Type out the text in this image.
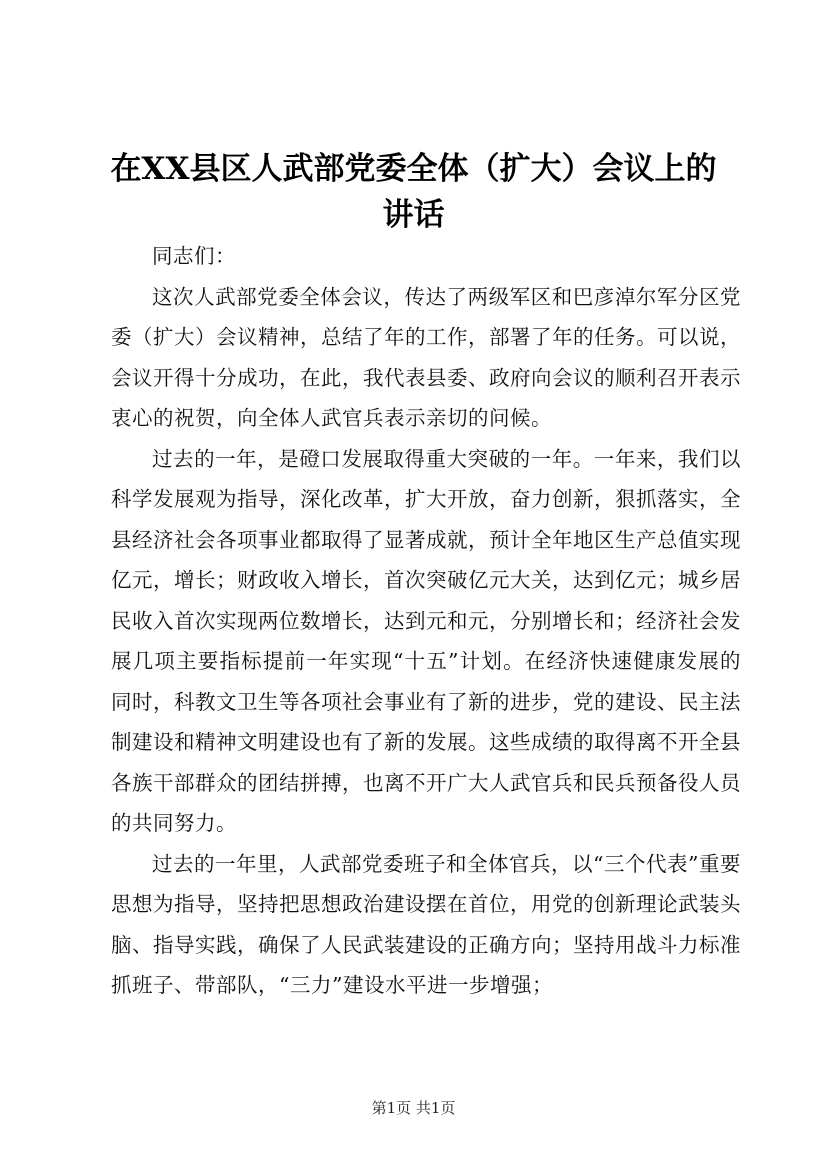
在XX县区人武部党委全体（扩大）会议上的
讲话

同志们：

这次人武部党委全体会议，传达了两级军区和巴彦淖尔军分区党委（扩大）会议精神，总结了年的工作，部署了年的任务。可以说，会议开得十分成功，在此，我代表县委、政府向会议的顺利召开表示衷心的祝贺，向全体人武官兵表示亲切的问候。

过去的一年，是磴口发展取得重大突破的一年。一年来，我们以科学发展观为指导，深化改革，扩大开放，奋力创新，狠抓落实，全县经济社会各项事业都取得了显著成就，预计全年地区生产总值实现亿元，增长；财政收入增长，首次突破亿元大关，达到亿元；城乡居民收入首次实现两位数增长，达到元和元，分别增长和；经济社会发展几项主要指标提前一年实现“十五”计划。在经济快速健康发展的同时，科教文卫生等各项社会事业有了新的进步，党的建设、民主法制建设和精神文明建设也有了新的发展。这些成绩的取得离不开全县各族干部群众的团结拼搏，也离不开广大人武官兵和民兵预备役人员的共同努力。

过去的一年里，人武部党委班子和全体官兵，以“三个代表”重要思想为指导，坚持把思想政治建设摆在首位，用党的创新理论武装头脑、指导实践，确保了人民武装建设的正确方向；坚持用战斗力标准抓班子、带部队，“三力”建设水平进一步增强；

第1页 共1页
